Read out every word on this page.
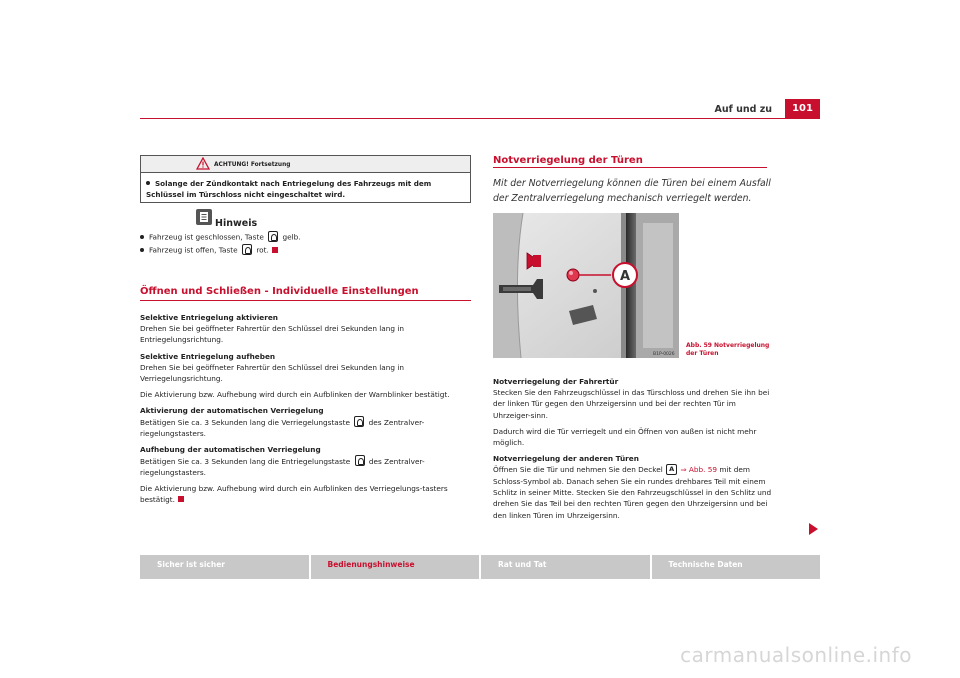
Auf und zu	101
ACHTUNG! Fortsetzung
Solange der Zündkontakt nach Entriegelung des Fahrzeugs mit dem Schlüssel im Türschloss nicht eingeschaltet wird.
Hinweis
Fahrzeug ist geschlossen, Taste	gelb.
Fahrzeug ist offen, Taste	rot.
Öffnen und Schließen - Individuelle Einstellungen

Selektive Entriegelung aktivieren

Drehen Sie bei geöffneter Fahrertür den Schlüssel drei Sekunden lang in Entriegelungsrichtung.

Selektive Entriegelung aufheben

Drehen Sie bei geöffneter Fahrertür den Schlüssel drei Sekunden lang in Verriegelungsrichtung.

Die Aktivierung bzw. Aufhebung wird durch ein Aufblinken der Warnblinker bestätigt.

Aktivierung der automatischen Verriegelung

Betätigen Sie ca. 3 Sekunden lang die Verriegelungstaste	des Zentralver-riegelungstasters.

Aufhebung der automatischen Verriegelung

Betätigen Sie ca. 3 Sekunden lang die Entriegelungstaste	des Zentralver-riegelungstasters.

Die Aktivierung bzw. Aufhebung wird durch ein Aufblinken des Verriegelungs-tasters bestätigt.

Notverriegelung der Türen
Mit der Notverriegelung können die Türen bei einem Ausfall der Zentralverriegelung mechanisch verriegelt werden.
A
B1P-0026
Abb. 59 Notverriegelung der Türen

Notverriegelung der Fahrertür

Stecken Sie den Fahrzeugschlüssel in das Türschloss und drehen Sie ihn bei der linken Tür gegen den Uhrzeigersinn und bei der rechten Tür im Uhrzeiger-sinn.

Dadurch wird die Tür verriegelt und ein Öffnen von außen ist nicht mehr möglich.

Notverriegelung der anderen Türen

Öffnen Sie die Tür und nehmen Sie den Deckel A ⇒ Abb. 59 mit dem Schloss-Symbol ab. Danach sehen Sie ein rundes drehbares Teil mit einem Schlitz in seiner Mitte. Stecken Sie den Fahrzeugschlüssel in den Schlitz und drehen Sie das Teil bei den rechten Türen gegen den Uhrzeigersinn und bei den linken Türen im Uhrzeigersinn.

Sicher ist sicher	Bedienungshinweise	Rat und Tat	Technische Daten
carmanualsonline.info
